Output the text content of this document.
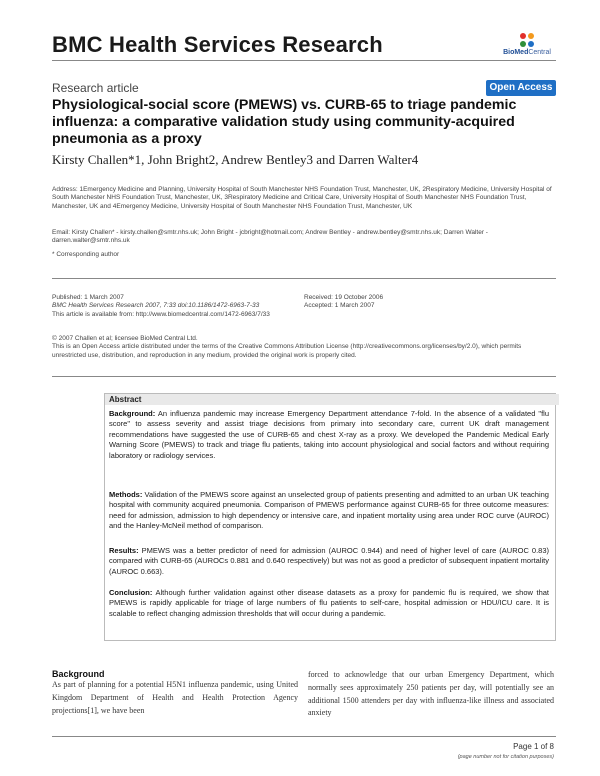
BMC Health Services Research	BioMedCentral
Research article	Open Access
Physiological-social score (PMEWS) vs. CURB-65 to triage pandemic influenza: a comparative validation study using community-acquired pneumonia as a proxy
Kirsty Challen*1, John Bright2, Andrew Bentley3 and Darren Walter4
Address: 1Emergency Medicine and Planning, University Hospital of South Manchester NHS Foundation Trust, Manchester, UK, 2Respiratory Medicine, University Hospital of South Manchester NHS Foundation Trust, Manchester, UK, 3Respiratory Medicine and Critical Care, University Hospital of South Manchester NHS Foundation Trust, Manchester, UK and 4Emergency Medicine, University Hospital of South Manchester NHS Foundation Trust, Manchester, UK
Email: Kirsty Challen* - kirsty.challen@smtr.nhs.uk; John Bright - jcbright@hotmail.com; Andrew Bentley - andrew.bentley@smtr.nhs.uk; Darren Walter - darren.walter@smtr.nhs.uk
* Corresponding author
Published: 1 March 2007
BMC Health Services Research 2007, 7:33 doi:10.1186/1472-6963-7-33
This article is available from: http://www.biomedcentral.com/1472-6963/7/33
Received: 19 October 2006
Accepted: 1 March 2007
© 2007 Challen et al; licensee BioMed Central Ltd.
This is an Open Access article distributed under the terms of the Creative Commons Attribution License (http://creativecommons.org/licenses/by/2.0), which permits unrestricted use, distribution, and reproduction in any medium, provided the original work is properly cited.
Abstract
Background: An influenza pandemic may increase Emergency Department attendance 7-fold. In the absence of a validated "flu score" to assess severity and assist triage decisions from primary into secondary care, current UK draft management recommendations have suggested the use of CURB-65 and chest X-ray as a proxy. We developed the Pandemic Medical Early Warning Score (PMEWS) to track and triage flu patients, taking into account physiological and social factors and without requiring laboratory or radiology services.
Methods: Validation of the PMEWS score against an unselected group of patients presenting and admitted to an urban UK teaching hospital with community acquired pneumonia. Comparison of PMEWS performance against CURB-65 for three outcome measures: need for admission, admission to high dependency or intensive care, and inpatient mortality using area under ROC curve (AUROC) and the Hanley-McNeil method of comparison.
Results: PMEWS was a better predictor of need for admission (AUROC 0.944) and need of higher level of care (AUROC 0.83) compared with CURB-65 (AUROCs 0.881 and 0.640 respectively) but was not as good a predictor of subsequent inpatient mortality (AUROC 0.663).
Conclusion: Although further validation against other disease datasets as a proxy for pandemic flu is required, we show that PMEWS is rapidly applicable for triage of large numbers of flu patients to self-care, hospital admission or HDU/ICU care. It is scalable to reflect changing admission thresholds that will occur during a pandemic.
Background
As part of planning for a potential H5N1 influenza pandemic, using United Kingdom Department of Health and Health Protection Agency projections[1], we have been
forced to acknowledge that our urban Emergency Department, which normally sees approximately 250 patients per day, will potentially see an additional 1500 attenders per day with influenza-like illness and associated anxiety
Page 1 of 8
(page number not for citation purposes)
